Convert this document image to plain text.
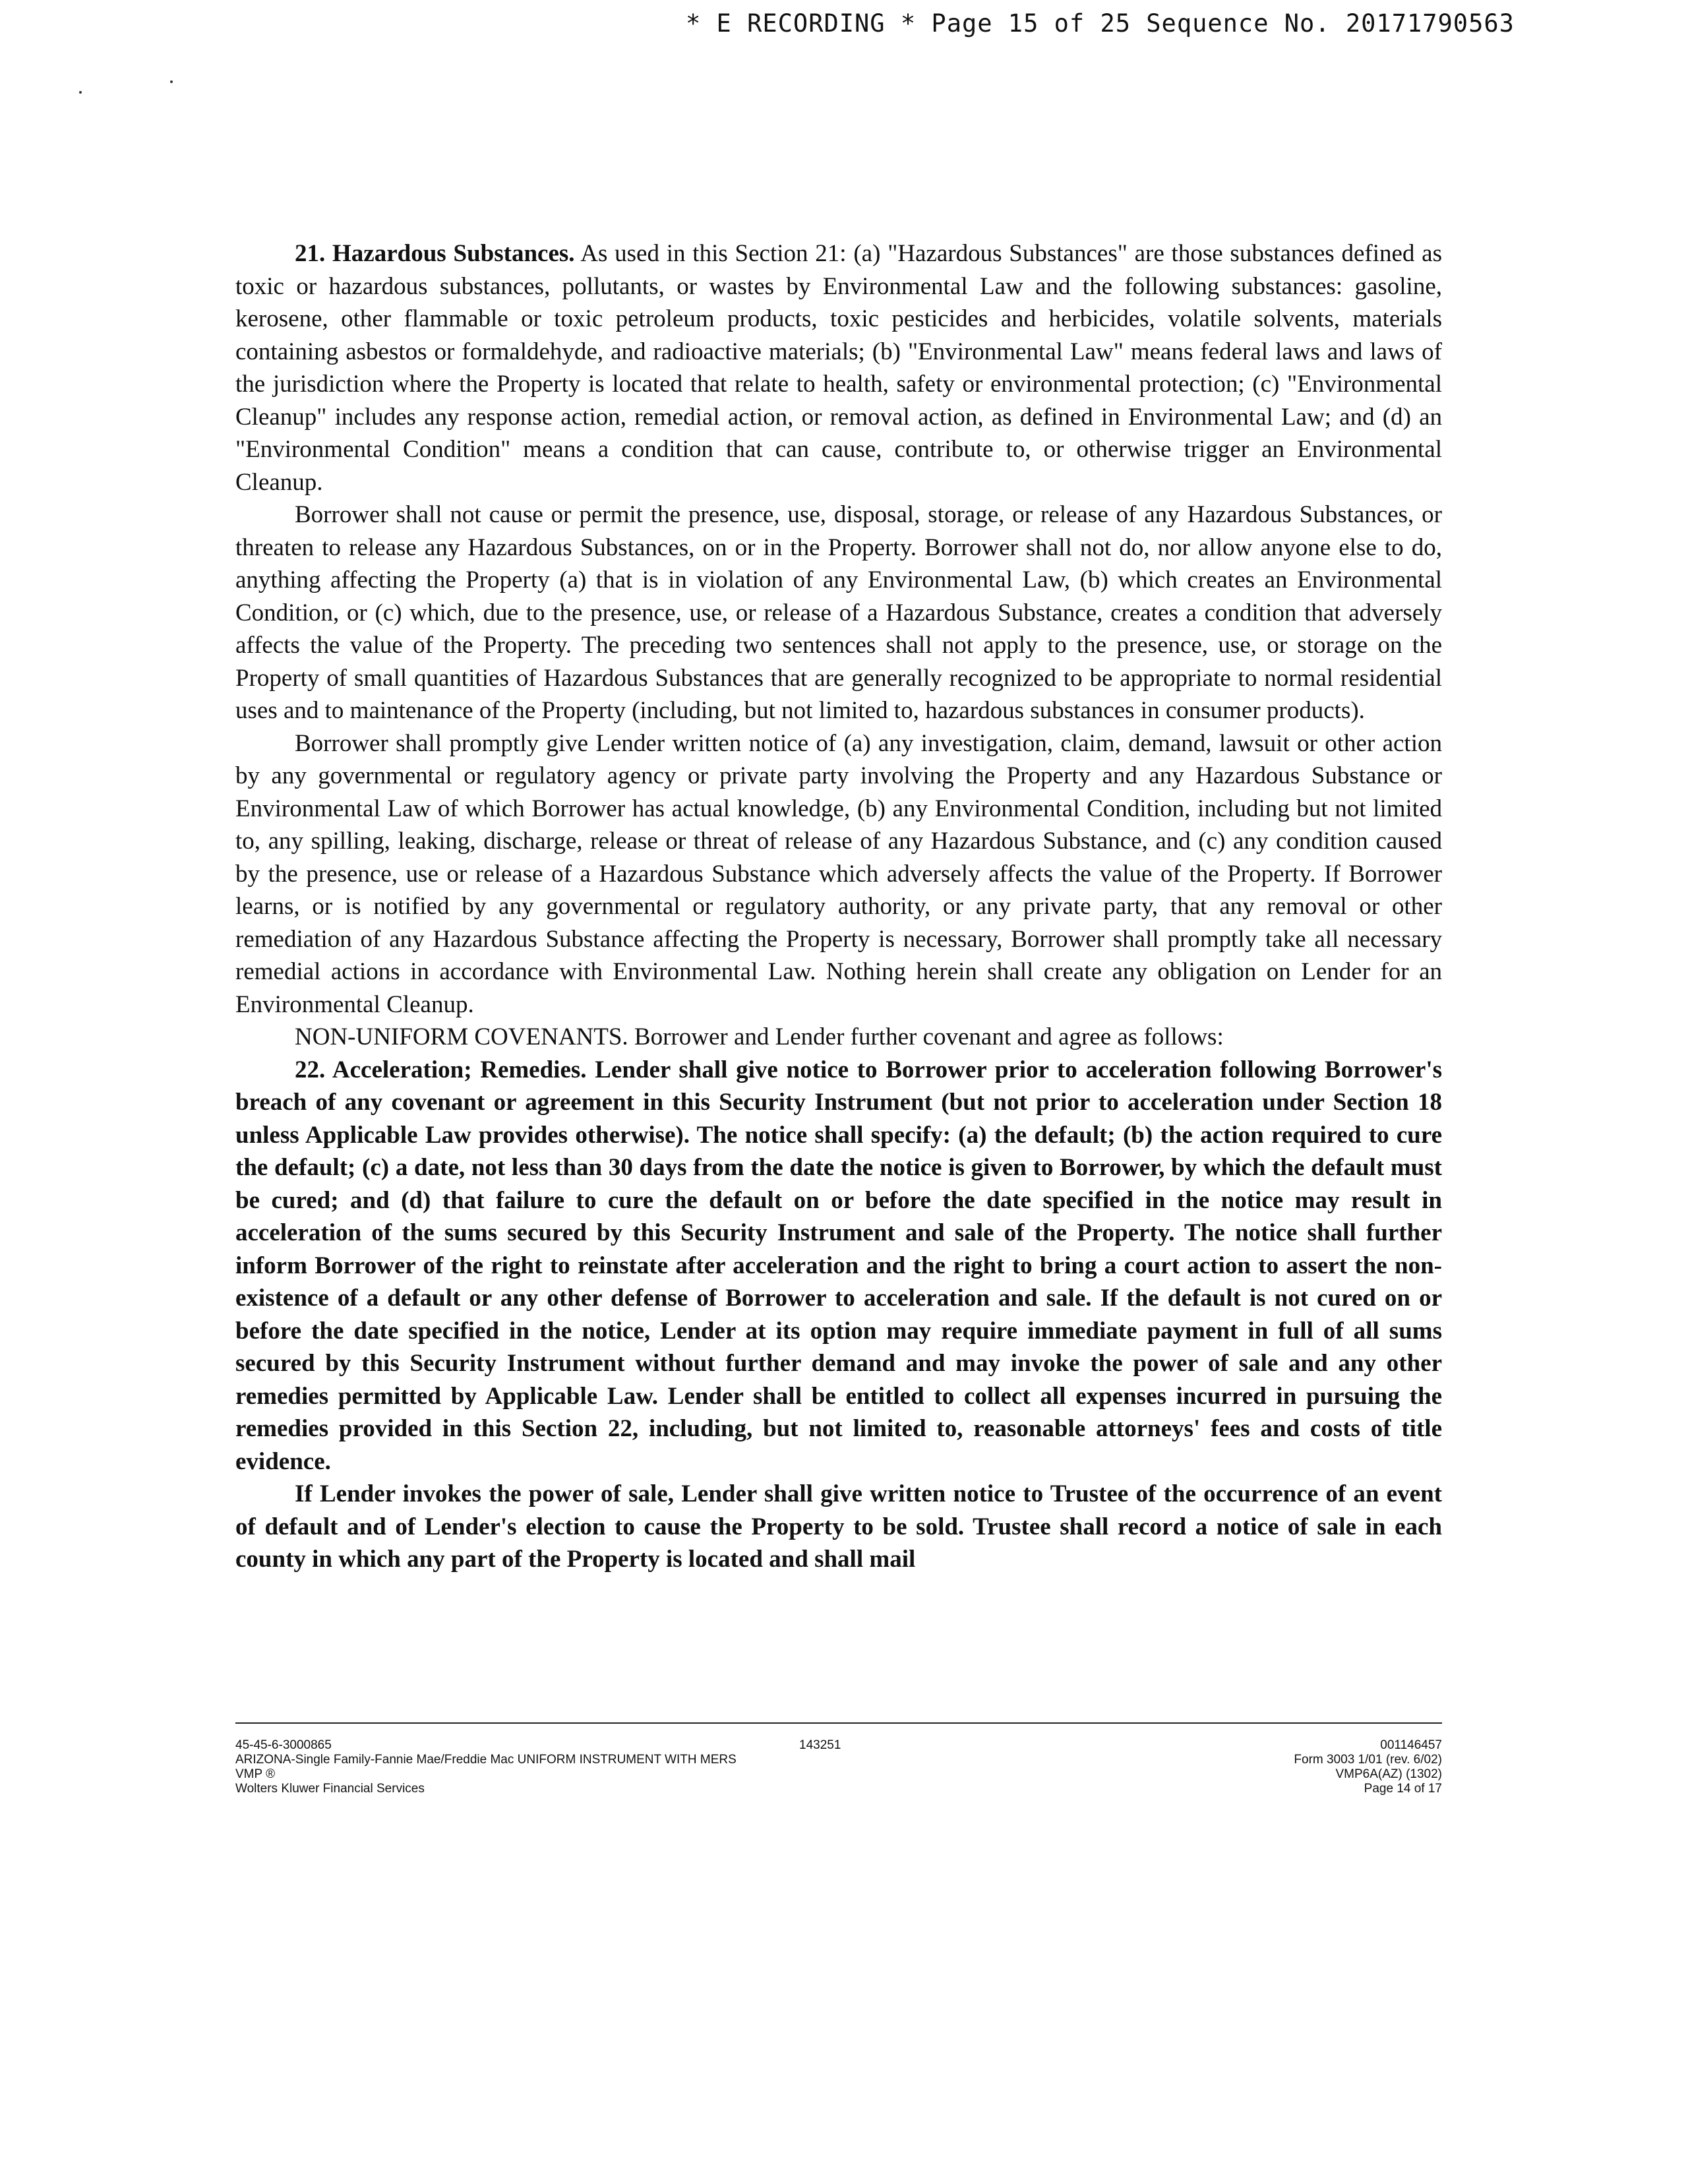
* E RECORDING * Page 15 of 25 Sequence No. 20171790563

21. Hazardous Substances. As used in this Section 21: (a) "Hazardous Substances" are those substances defined as toxic or hazardous substances, pollutants, or wastes by Environmental Law and the following substances: gasoline, kerosene, other flammable or toxic petroleum products, toxic pesticides and herbicides, volatile solvents, materials containing asbestos or formaldehyde, and radioactive materials; (b) "Environmental Law" means federal laws and laws of the jurisdiction where the Property is located that relate to health, safety or environmental protection; (c) "Environmental Cleanup" includes any response action, remedial action, or removal action, as defined in Environmental Law; and (d) an "Environmental Condition" means a condition that can cause, contribute to, or otherwise trigger an Environmental Cleanup.

Borrower shall not cause or permit the presence, use, disposal, storage, or release of any Hazardous Substances, or threaten to release any Hazardous Substances, on or in the Property. Borrower shall not do, nor allow anyone else to do, anything affecting the Property (a) that is in violation of any Environmental Law, (b) which creates an Environmental Condition, or (c) which, due to the presence, use, or release of a Hazardous Substance, creates a condition that adversely affects the value of the Property. The preceding two sentences shall not apply to the presence, use, or storage on the Property of small quantities of Hazardous Substances that are generally recognized to be appropriate to normal residential uses and to maintenance of the Property (including, but not limited to, hazardous substances in consumer products).

Borrower shall promptly give Lender written notice of (a) any investigation, claim, demand, lawsuit or other action by any governmental or regulatory agency or private party involving the Property and any Hazardous Substance or Environmental Law of which Borrower has actual knowledge, (b) any Environmental Condition, including but not limited to, any spilling, leaking, discharge, release or threat of release of any Hazardous Substance, and (c) any condition caused by the presence, use or release of a Hazardous Substance which adversely affects the value of the Property. If Borrower learns, or is notified by any governmental or regulatory authority, or any private party, that any removal or other remediation of any Hazardous Substance affecting the Property is necessary, Borrower shall promptly take all necessary remedial actions in accordance with Environmental Law. Nothing herein shall create any obligation on Lender for an Environmental Cleanup.

NON-UNIFORM COVENANTS. Borrower and Lender further covenant and agree as follows:

22. Acceleration; Remedies. Lender shall give notice to Borrower prior to acceleration following Borrower's breach of any covenant or agreement in this Security Instrument (but not prior to acceleration under Section 18 unless Applicable Law provides otherwise). The notice shall specify: (a) the default; (b) the action required to cure the default; (c) a date, not less than 30 days from the date the notice is given to Borrower, by which the default must be cured; and (d) that failure to cure the default on or before the date specified in the notice may result in acceleration of the sums secured by this Security Instrument and sale of the Property. The notice shall further inform Borrower of the right to reinstate after acceleration and the right to bring a court action to assert the non-existence of a default or any other defense of Borrower to acceleration and sale. If the default is not cured on or before the date specified in the notice, Lender at its option may require immediate payment in full of all sums secured by this Security Instrument without further demand and may invoke the power of sale and any other remedies permitted by Applicable Law. Lender shall be entitled to collect all expenses incurred in pursuing the remedies provided in this Section 22, including, but not limited to, reasonable attorneys' fees and costs of title evidence.

If Lender invokes the power of sale, Lender shall give written notice to Trustee of the occurrence of an event of default and of Lender's election to cause the Property to be sold. Trustee shall record a notice of sale in each county in which any part of the Property is located and shall mail

45-45-6-3000865
ARIZONA-Single Family-Fannie Mae/Freddie Mac UNIFORM INSTRUMENT WITH MERS
VMP ®
Wolters Kluwer Financial Services
143251	001146457
Form 3003 1/01 (rev. 6/02)
VMP6A(AZ) (1302)
Page 14 of 17
